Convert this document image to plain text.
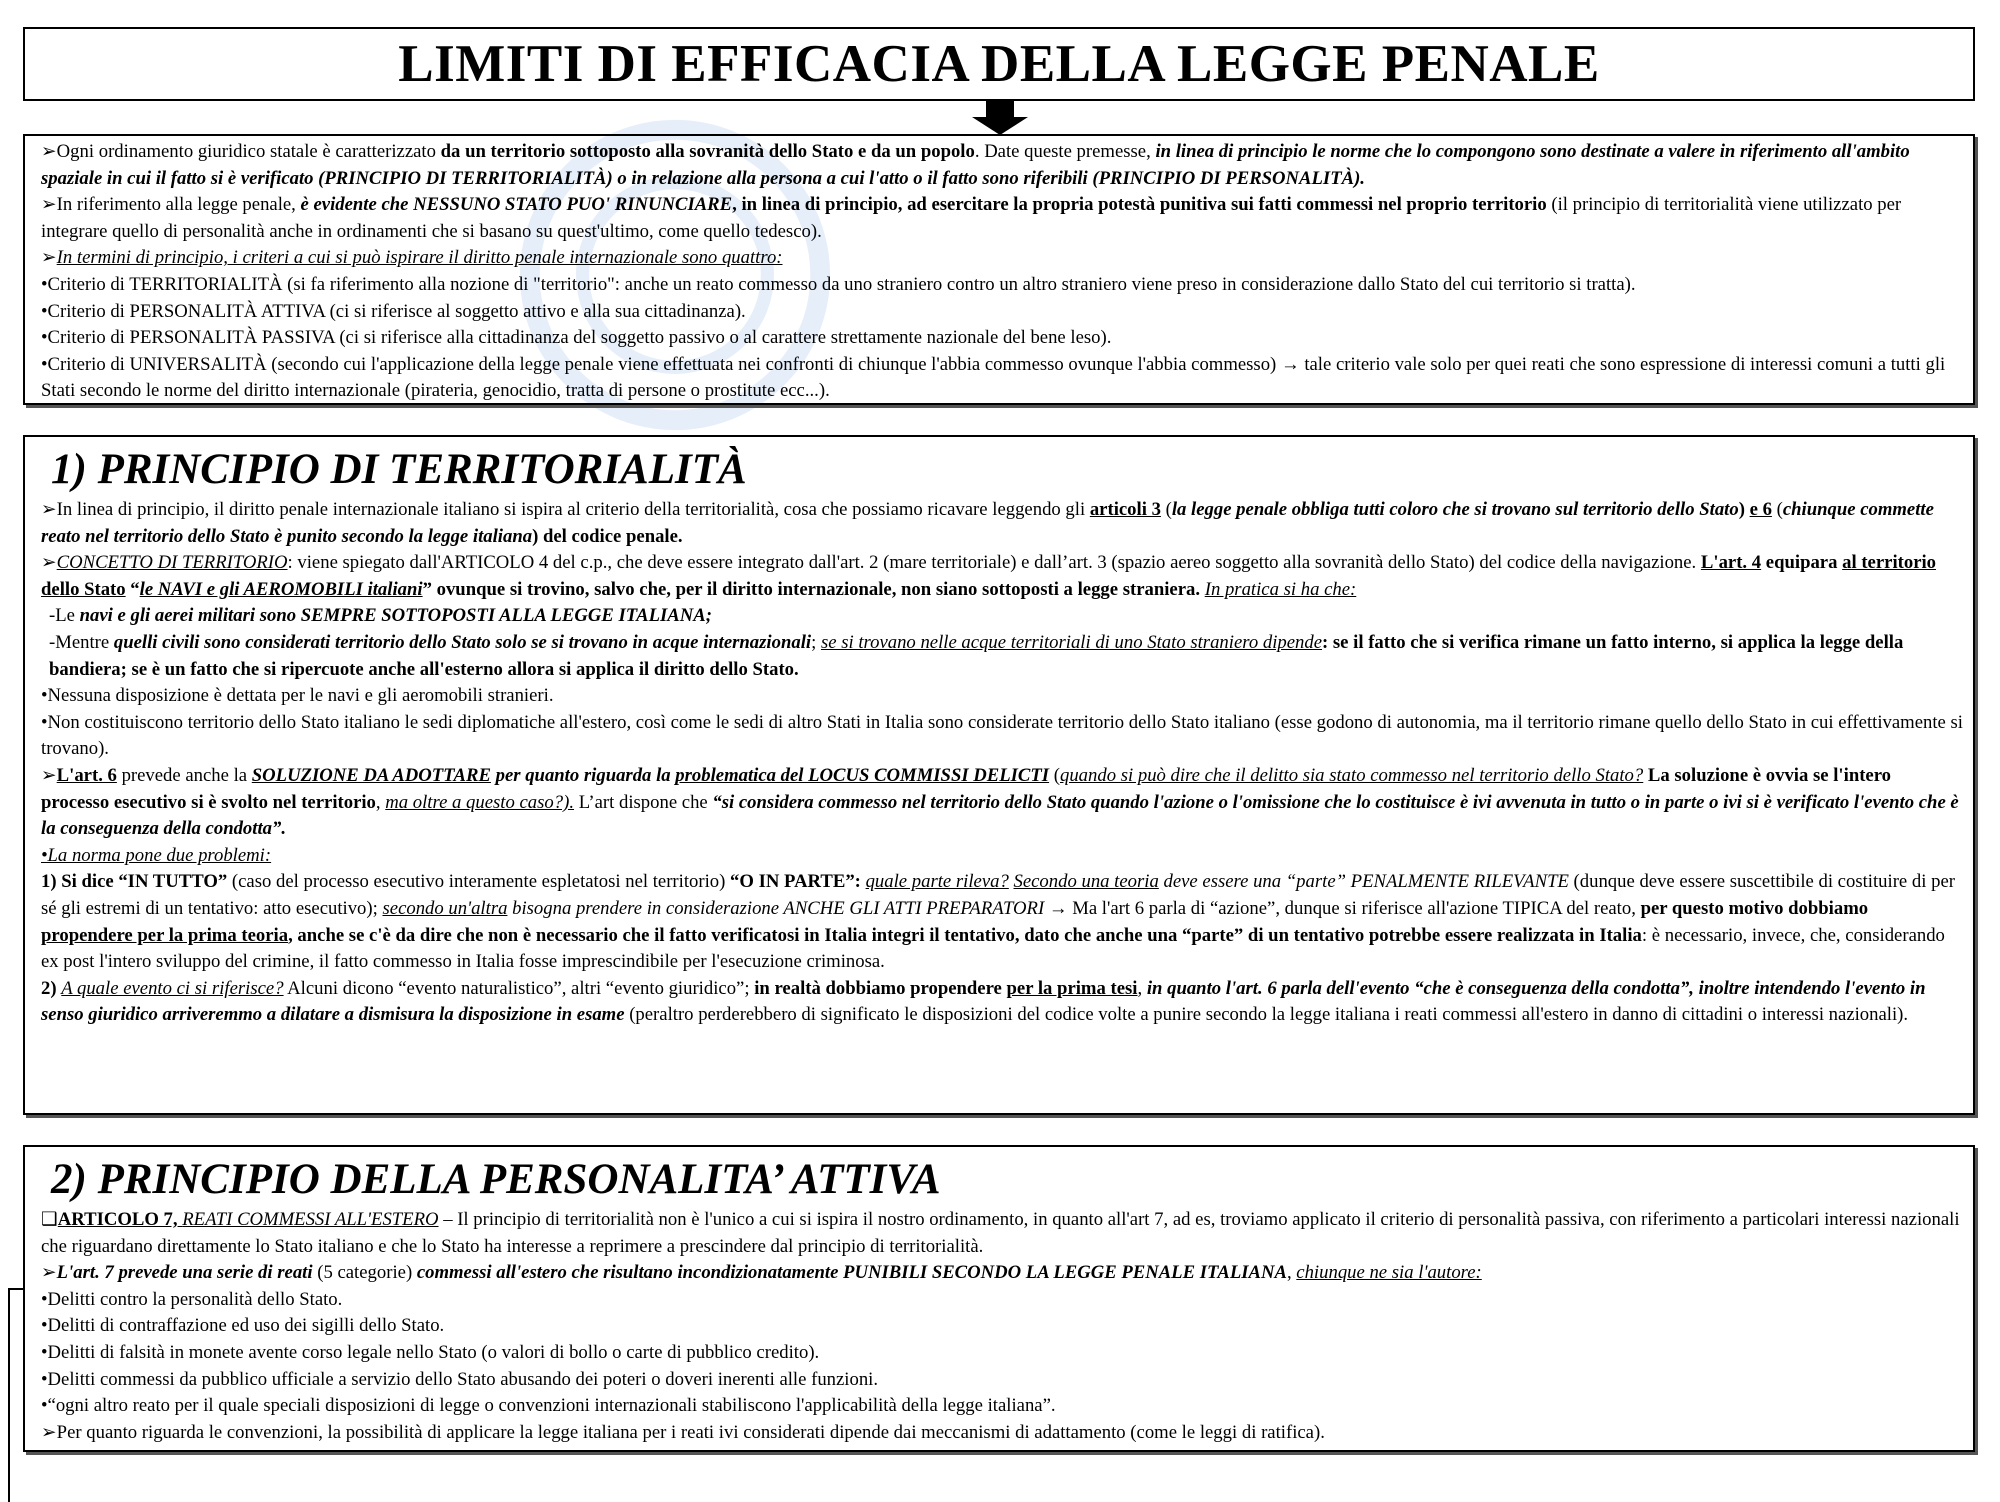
LIMITI DI EFFICACIA DELLA LEGGE PENALE

➢Ogni ordinamento giuridico statale è caratterizzato da un territorio sottoposto alla sovranità dello Stato e da un popolo. Date queste premesse, in linea di principio le norme che lo compongono sono destinate a valere in riferimento all'ambito spaziale in cui il fatto si è verificato (PRINCIPIO DI TERRITORIALITÀ) o in relazione alla persona a cui l'atto o il fatto sono riferibili (PRINCIPIO DI PERSONALITÀ).

➢In riferimento alla legge penale, è evidente che NESSUNO STATO PUO' RINUNCIARE, in linea di principio, ad esercitare la propria potestà punitiva sui fatti commessi nel proprio territorio (il principio di territorialità viene utilizzato per integrare quello di personalità anche in ordinamenti che si basano su quest'ultimo, come quello tedesco).

➢In termini di principio, i criteri a cui si può ispirare il diritto penale internazionale sono quattro:

•Criterio di TERRITORIALITÀ (si fa riferimento alla nozione di "territorio": anche un reato commesso da uno straniero contro un altro straniero viene preso in considerazione dallo Stato del cui territorio si tratta).

•Criterio di PERSONALITÀ ATTIVA (ci si riferisce al soggetto attivo e alla sua cittadinanza).

•Criterio di PERSONALITÀ PASSIVA (ci si riferisce alla cittadinanza del soggetto passivo o al carattere strettamente nazionale del bene leso).

•Criterio di UNIVERSALITÀ (secondo cui l'applicazione della legge penale viene effettuata nei confronti di chiunque l'abbia commesso ovunque l'abbia commesso) → tale criterio vale solo per quei reati che sono espressione di interessi comuni a tutti gli Stati secondo le norme del diritto internazionale (pirateria, genocidio, tratta di persone o prostitute ecc...).

1) PRINCIPIO DI TERRITORIALITÀ

➢In linea di principio, il diritto penale internazionale italiano si ispira al criterio della territorialità, cosa che possiamo ricavare leggendo gli articoli 3 (la legge penale obbliga tutti coloro che si trovano sul territorio dello Stato) e 6 (chiunque commette reato nel territorio dello Stato è punito secondo la legge italiana) del codice penale.

➢CONCETTO DI TERRITORIO: viene spiegato dall'ARTICOLO 4 del c.p., che deve essere integrato dall'art. 2 (mare territoriale) e dall’art. 3 (spazio aereo soggetto alla sovranità dello Stato) del codice della navigazione. L'art. 4 equipara al territorio dello Stato “le NAVI e gli AEROMOBILI italiani” ovunque si trovino, salvo che, per il diritto internazionale, non siano sottoposti a legge straniera. In pratica si ha che:

-Le navi e gli aerei militari sono SEMPRE SOTTOPOSTI ALLA LEGGE ITALIANA;

-Mentre quelli civili sono considerati territorio dello Stato solo se si trovano in acque internazionali; se si trovano nelle acque territoriali di uno Stato straniero dipende: se il fatto che si verifica rimane un fatto interno, si applica la legge della bandiera; se è un fatto che si ripercuote anche all'esterno allora si applica il diritto dello Stato.

•Nessuna disposizione è dettata per le navi e gli aeromobili stranieri.

•Non costituiscono territorio dello Stato italiano le sedi diplomatiche all'estero, così come le sedi di altro Stati in Italia sono considerate territorio dello Stato italiano (esse godono di autonomia, ma il territorio rimane quello dello Stato in cui effettivamente si trovano).

➢L'art. 6 prevede anche la SOLUZIONE DA ADOTTARE per quanto riguarda la problematica del LOCUS COMMISSI DELICTI (quando si può dire che il delitto sia stato commesso nel territorio dello Stato? La soluzione è ovvia se l'intero processo esecutivo si è svolto nel territorio, ma oltre a questo caso?). L’art dispone che “si considera commesso nel territorio dello Stato quando l'azione o l'omissione che lo costituisce è ivi avvenuta in tutto o in parte o ivi si è verificato l'evento che è la conseguenza della condotta”.

•La norma pone due problemi:

1) Si dice “IN TUTTO” (caso del processo esecutivo interamente espletatosi nel territorio) “O IN PARTE”: quale parte rileva? Secondo una teoria deve essere una “parte” PENALMENTE RILEVANTE (dunque deve essere suscettibile di costituire di per sé gli estremi di un tentativo: atto esecutivo); secondo un'altra bisogna prendere in considerazione ANCHE GLI ATTI PREPARATORI → Ma l'art 6 parla di “azione”, dunque si riferisce all'azione TIPICA del reato, per questo motivo dobbiamo propendere per la prima teoria, anche se c'è da dire che non è necessario che il fatto verificatosi in Italia integri il tentativo, dato che anche una “parte” di un tentativo potrebbe essere realizzata in Italia: è necessario, invece, che, considerando ex post l'intero sviluppo del crimine, il fatto commesso in Italia fosse imprescindibile per l'esecuzione criminosa.

2) A quale evento ci si riferisce? Alcuni dicono “evento naturalistico”, altri “evento giuridico”; in realtà dobbiamo propendere per la prima tesi, in quanto l'art. 6 parla dell'evento “che è conseguenza della condotta”, inoltre intendendo l'evento in senso giuridico arriveremmo a dilatare a dismisura la disposizione in esame (peraltro perderebbero di significato le disposizioni del codice volte a punire secondo la legge italiana i reati commessi all'estero in danno di cittadini o interessi nazionali).

2) PRINCIPIO DELLA PERSONALITA’ ATTIVA

❑ARTICOLO 7, REATI COMMESSI ALL'ESTERO – Il principio di territorialità non è l'unico a cui si ispira il nostro ordinamento, in quanto all'art 7, ad es, troviamo applicato il criterio di personalità passiva, con riferimento a particolari interessi nazionali che riguardano direttamente lo Stato italiano e che lo Stato ha interesse a reprimere a prescindere dal principio di territorialità.

➢L'art. 7 prevede una serie di reati (5 categorie) commessi all'estero che risultano incondizionatamente PUNIBILI SECONDO LA LEGGE PENALE ITALIANA, chiunque ne sia l'autore:

•Delitti contro la personalità dello Stato.

•Delitti di contraffazione ed uso dei sigilli dello Stato.

•Delitti di falsità in monete avente corso legale nello Stato (o valori di bollo o carte di pubblico credito).

•Delitti commessi da pubblico ufficiale a servizio dello Stato abusando dei poteri o doveri inerenti alle funzioni.

•“ogni altro reato per il quale speciali disposizioni di legge o convenzioni internazionali stabiliscono l'applicabilità della legge italiana”.

➢Per quanto riguarda le convenzioni, la possibilità di applicare la legge italiana per i reati ivi considerati dipende dai meccanismi di adattamento (come le leggi di ratifica).
